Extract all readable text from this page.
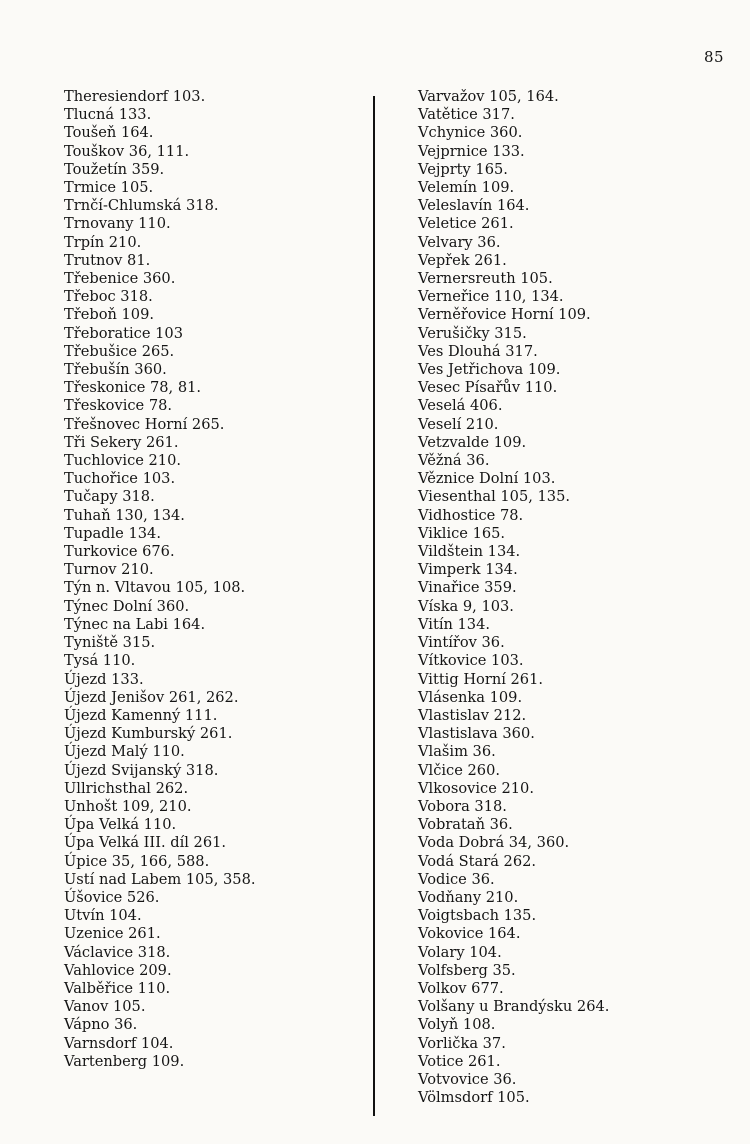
85
Theresiendorf 103.
Tlucná 133.
Toušeň 164.
Touškov 36, 111.
Toužetín 359.
Trmice 105.
Trnčí-Chlumská 318.
Trnovany 110.
Trpín 210.
Trutnov 81.
Třebenice 360.
Třeboc 318.
Třeboň 109.
Třeboratice 103
Třebušice 265.
Třebušín 360.
Třeskonice 78, 81.
Třeskovice 78.
Třešnovec Horní 265.
Tři Sekery 261.
Tuchlovice 210.
Tuchořice 103.
Tučapy 318.
Tuhaň 130, 134.
Tupadle 134.
Turkovice 676.
Turnov 210.
Týn n. Vltavou 105, 108.
Týnec Dolní 360.
Týnec na Labi 164.
Tyniště 315.
Tysá 110.
Újezd 133.
Újezd Jenišov 261, 262.
Újezd Kamenný 111.
Újezd Kumburský 261.
Újezd Malý 110.
Újezd Svijanský 318.
Ullrichsthal 262.
Unhošt 109, 210.
Úpa Velká 110.
Úpa Velká III. díl 261.
Úpice 35, 166, 588.
Ustí nad Labem 105, 358.
Úšovice 526.
Utvín 104.
Uzenice 261.
Václavice 318.
Vahlovice 209.
Valběřice 110.
Vanov 105.
Vápno 36.
Varnsdorf 104.
Vartenberg 109.
Varvažov 105, 164.
Vatětice 317.
Vchynice 360.
Vejprnice 133.
Vejprty 165.
Velemín 109.
Veleslavín 164.
Veletice 261.
Velvary 36.
Vepřek 261.
Vernersreuth 105.
Verneřice 110, 134.
Verněřovice Horní 109.
Verušičky 315.
Ves Dlouhá 317.
Ves Jetřichova 109.
Vesec Písařův 110.
Veselá 406.
Veselí 210.
Vetzvalde 109.
Věžná 36.
Věznice Dolní 103.
Viesenthal 105, 135.
Vidhostice 78.
Viklice 165.
Vildštein 134.
Vimperk 134.
Vinařice 359.
Víska 9, 103.
Vitín 134.
Vintířov 36.
Vítkovice 103.
Vittig Horní 261.
Vlásenka 109.
Vlastislav 212.
Vlastislava 360.
Vlašim 36.
Vlčice 260.
Vlkosovice 210.
Vobora 318.
Vobrataň 36.
Voda Dobrá 34, 360.
Vodá Stará 262.
Vodice 36.
Vodňany 210.
Voigtsbach 135.
Vokovice 164.
Volary 104.
Volfsberg 35.
Volkov 677.
Volšany u Brandýsku 264.
Volyň 108.
Vorlička 37.
Votice 261.
Votvovice 36.
Völmsdorf 105.
